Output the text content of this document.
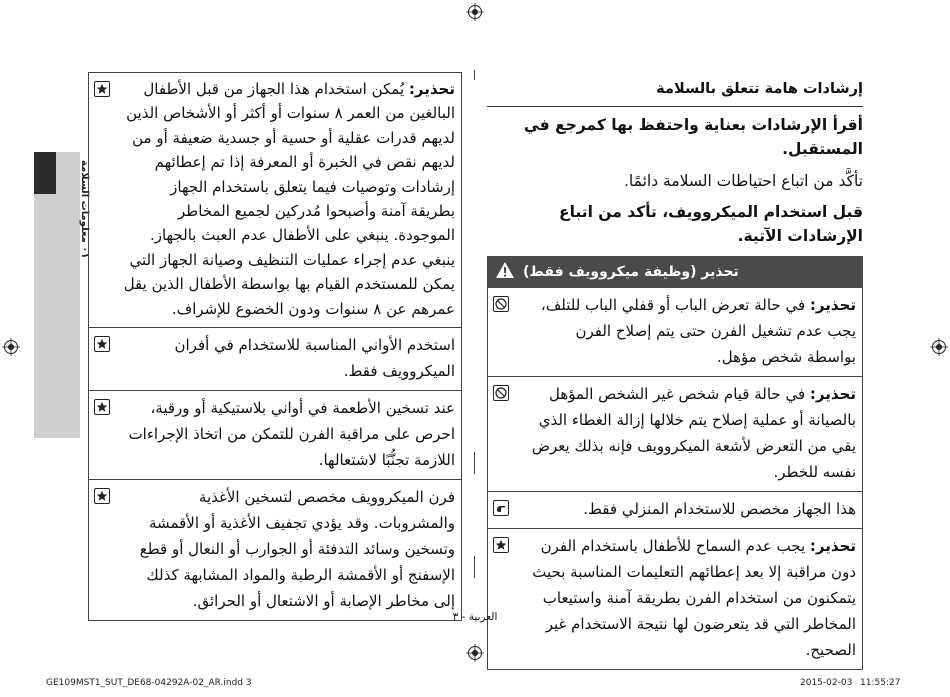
٠١ معلومات السلامة
إرشادات هامة تتعلق بالسلامة
أقرأ الإرشادات بعناية واحتفظ بها كمرجع في المستقبل.
تأكَّد من اتباع احتياطات السلامة دائمًا.
قبل استخدام الميكروويف، تأكد من اتباع الإرشادات الآتية.
تحذير (وظيفة ميكروويف فقط)
تحذير: في حالة تعرض الباب أو قفلي الباب للتلف، يجب عدم تشغيل الفرن حتى يتم إصلاح الفرن بواسطة شخص مؤهل.
تحذير: في حالة قيام شخص غير الشخص المؤهل بالصيانة أو عملية إصلاح يتم خلالها إزالة الغطاء الذي يقي من التعرض لأشعة الميكروويف فإنه بذلك يعرض نفسه للخطر.
هذا الجهاز مخصص للاستخدام المنزلي فقط.
تحذير: يجب عدم السماح للأطفال باستخدام الفرن دون مراقبة إلا بعد إعطائهم التعليمات المناسبة بحيث يتمكنون من استخدام الفرن بطريقة آمنة واستيعاب المخاطر التي قد يتعرضون لها نتيجة الاستخدام غير الصحيح.
تحذير: يُمكن استخدام هذا الجهاز من قبل الأطفال البالغين من العمر ٨ سنوات أو أكثر أو الأشخاص الذين لديهم قدرات عقلية أو حسية أو جسدية ضعيفة أو من لديهم نقص في الخبرة أو المعرفة إذا تم إعطائهم إرشادات وتوصيات فيما يتعلق باستخدام الجهاز بطريقة آمنة وأصبحوا مُدركين لجميع المخاطر الموجودة. ينبغي على الأطفال عدم العبث بالجهاز. ينبغي عدم إجراء عمليات التنظيف وصيانة الجهاز التي يمكن للمستخدم القيام بها بواسطة الأطفال الذين يقل عمرهم عن ٨ سنوات ودون الخضوع للإشراف.
استخدم الأواني المناسبة للاستخدام في أفران الميكروويف فقط.
عند تسخين الأطعمة في أواني بلاستيكية أو ورقية، احرص على مراقبة الفرن للتمكن من اتخاذ الإجراءات اللازمة تجنُّبًا لاشتعالها.
فرن الميكروويف مخصص لتسخين الأغذية والمشروبات. وقد يؤدي تجفيف الأغذية أو الأقمشة وتسخين وسائد التدفئة أو الجوارب أو النعال أو قطع الإسفنج أو الأقمشة الرطبة والمواد المشابهة كذلك إلى مخاطر الإصابة أو الاشتعال أو الحرائق.
العربية - ٣
GE109MST1_SUT_DE68-04292A-02_AR.indd 3	2015-02-03 11:55:27
